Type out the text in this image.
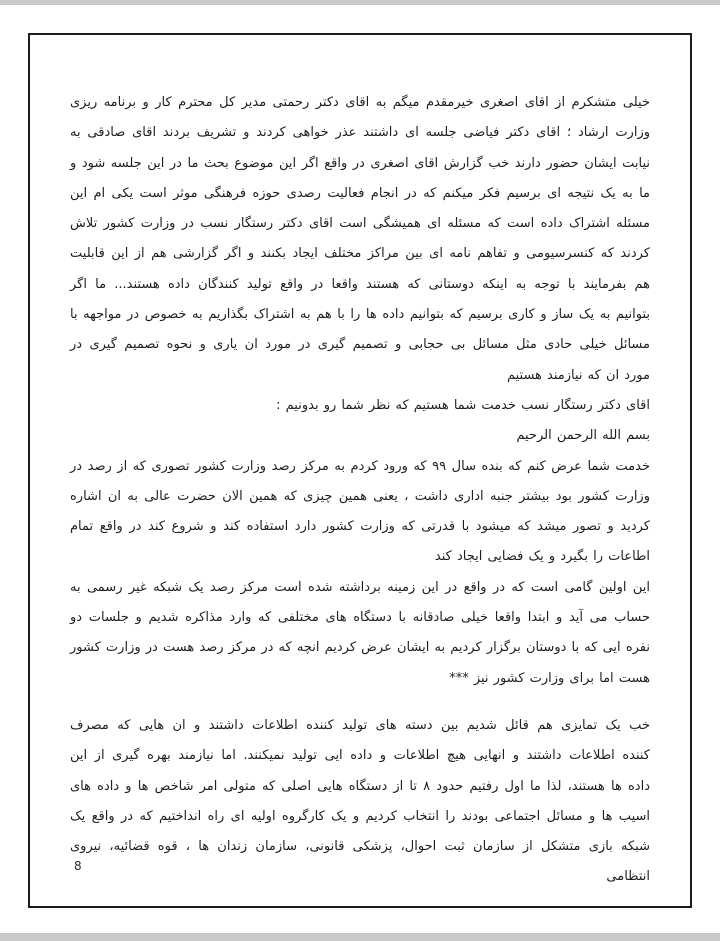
خیلی متشکرم از اقای اصغری خیرمقدم میگم به اقای دکتر رحمتی مدیر کل محترم کار و برنامه ریزی
وزارت ارشاد ؛ اقای دکتر فیاضی جلسه ای داشتند عذر خواهی کردند و تشریف بردند اقای صادقی به
نیابت ایشان حضور دارند خب گزارش اقای اصغری در واقع اگر این موضوع بحث ما در این جلسه شود و
ما به یک نتیجه ای برسیم فکر میکنم که در انجام فعالیت رصدی حوزه فرهنگی موثر است یکی ام این
مسئله اشتراک داده است که مسئله ای همیشگی است اقای دکتر رستگار نسب در وزارت کشور تلاش
کردند که کنسرسیومی و تفاهم نامه ای بین مراکز مختلف ایجاد بکنند و اگر گزارشی هم از این قابلیت
هم بفرمایند با توجه به اینکه دوستانی که هستند واقعا در واقع تولید کنندگان داده هستند... ما اگر
بتوانیم به یک ساز و کاری برسیم که بتوانیم داده ها را با هم به اشتراک بگذاریم به خصوص در مواجهه با
مسائل خیلی حادی مثل مسائل بی حجابی و تصمیم گیری در مورد ان یاری و نحوه تصمیم گیری در
مورد ان که نیازمند هستیم
اقای دکتر رستگار نسب خدمت شما هستیم که نظر شما رو بدونیم :
بسم الله الرحمن الرحیم
خدمت شما عرض کنم که بنده سال ۹۹ که ورود کردم به مرکز رصد وزارت کشور تصوری که از رصد در
وزارت کشور بود بیشتر جنبه اداری داشت ، یعنی همین چیزی که همین الان حضرت عالی به ان اشاره
کردید و تصور میشد که میشود با قدرتی که وزارت کشور دارد استفاده کند و شروع کند در واقع تمام
اطاعات را بگیرد و یک فضایی ایجاد کند
این اولین گامی است که در واقع در این زمینه برداشته شده است مرکز رصد یک شبکه غیر رسمی به
حساب می آید و ابتدا واقعا خیلی صادقانه با دستگاه های مختلفی که وارد مذاکره شدیم و جلسات دو
نفره ایی که با دوستان برگزار کردیم به ایشان عرض کردیم انچه که در مرکز رصد هست در وزارت کشور
هست اما برای وزارت کشور نیز ***
خب یک تمایزی هم قائل شدیم بین دسته های تولید کننده اطلاعات داشتند و ان هایی که مصرف
کننده اطلاعات داشتند و انهایی هیچ اطلاعات و داده ایی تولید نمیکنند. اما نیازمند بهره گیری از این
داده ها هستند، لذا ما اول رفتیم حدود ۸ تا از دستگاه هایی اصلی که متولی امر شاخص ها و داده های
اسیب ها و مسائل اجتماعی بودند را انتخاب کردیم و یک کارگروه اولیه ای راه انداختیم که در واقع یک
شبکه بازی متشکل از سازمان ثبت احوال، پزشکی قانونی، سازمان زندان ها ، قوه قضائیه، نیروی انتظامی
8
